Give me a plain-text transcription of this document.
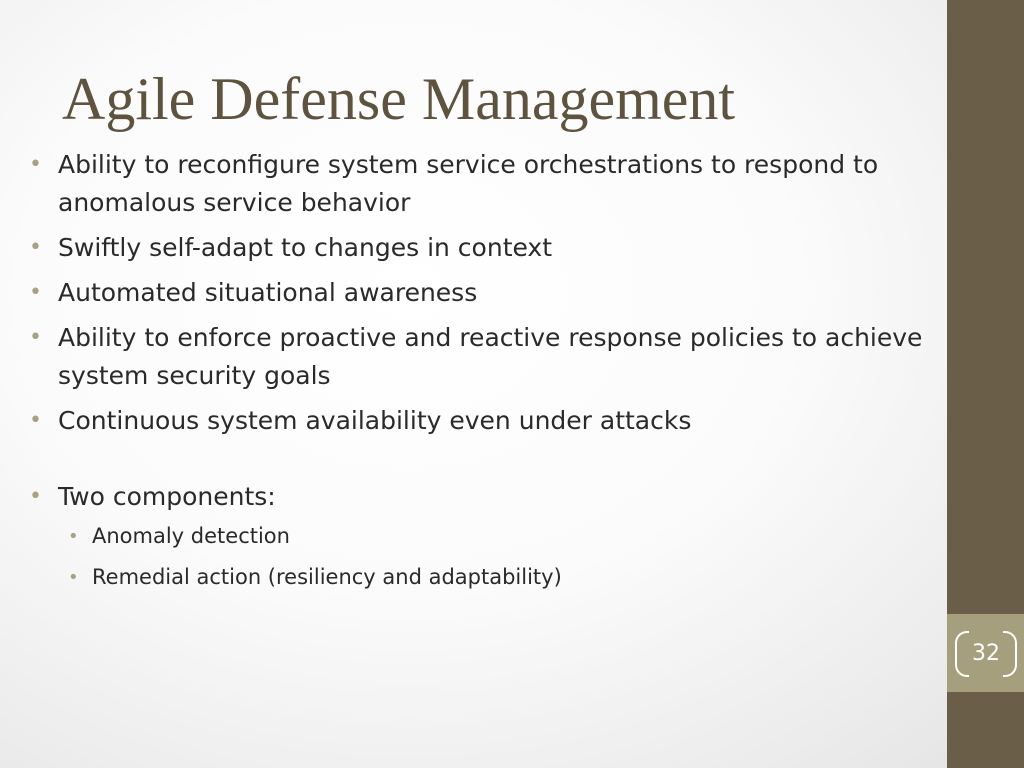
Agile Defense Management
• Ability to reconfigure system service orchestrations to respond to anomalous service behavior
• Swiftly self-adapt to changes in context
• Automated situational awareness
• Ability to enforce proactive and reactive response policies to achieve system security goals
• Continuous system availability even under attacks
• Two components:
• Anomaly detection
• Remedial action (resiliency and adaptability)
32
